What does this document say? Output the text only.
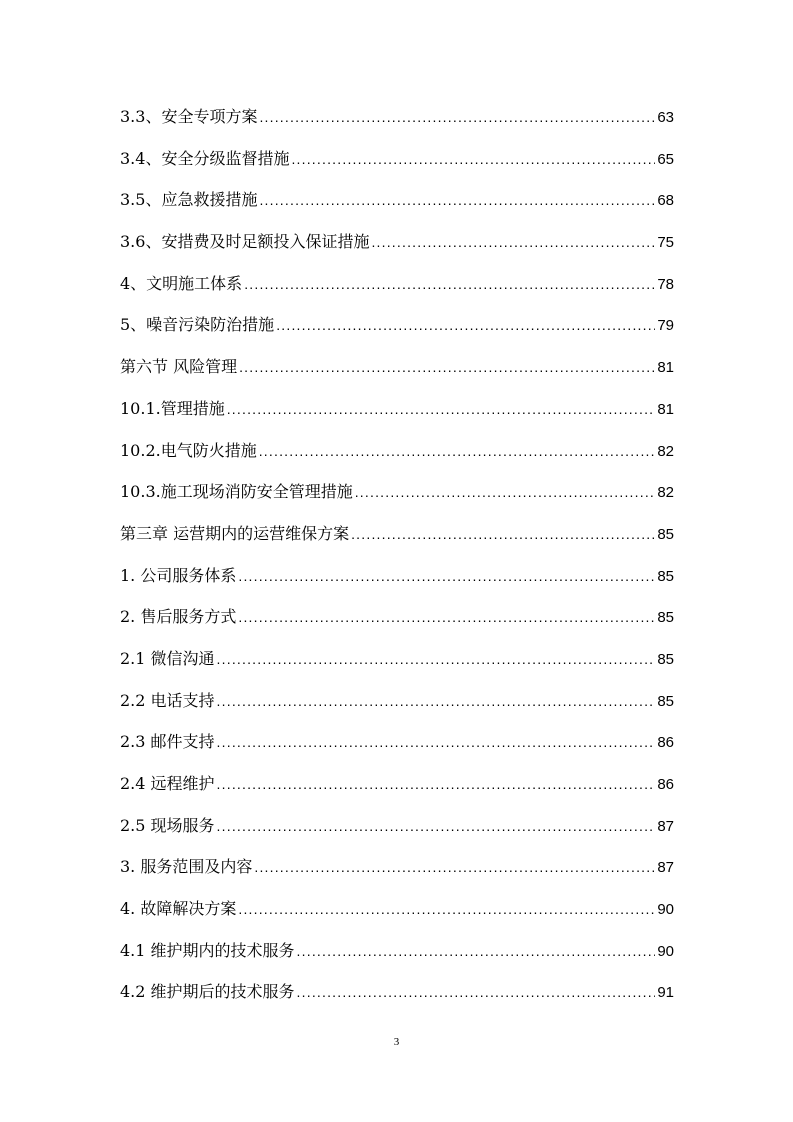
3.3、安全专项方案 .....	63
3.4、安全分级监督措施 .....	65
3.5、应急救援措施 .....	68
3.6、安措费及时足额投入保证措施 .....	75
4、文明施工体系 .....	78
5、噪音污染防治措施 .....	79
第六节 风险管理 .....	81
10.1.管理措施 .....	81
10.2.电气防火措施 .....	82
10.3.施工现场消防安全管理措施 .....	82
第三章 运营期内的运营维保方案 .....	85
1. 公司服务体系 .....	85
2. 售后服务方式 .....	85
2.1 微信沟通 .....	85
2.2 电话支持 .....	85
2.3 邮件支持 .....	86
2.4 远程维护 .....	86
2.5 现场服务 .....	87
3. 服务范围及内容 .....	87
4. 故障解决方案 .....	90
4.1 维护期内的技术服务 .....	90
4.2 维护期后的技术服务 .....	91
3
